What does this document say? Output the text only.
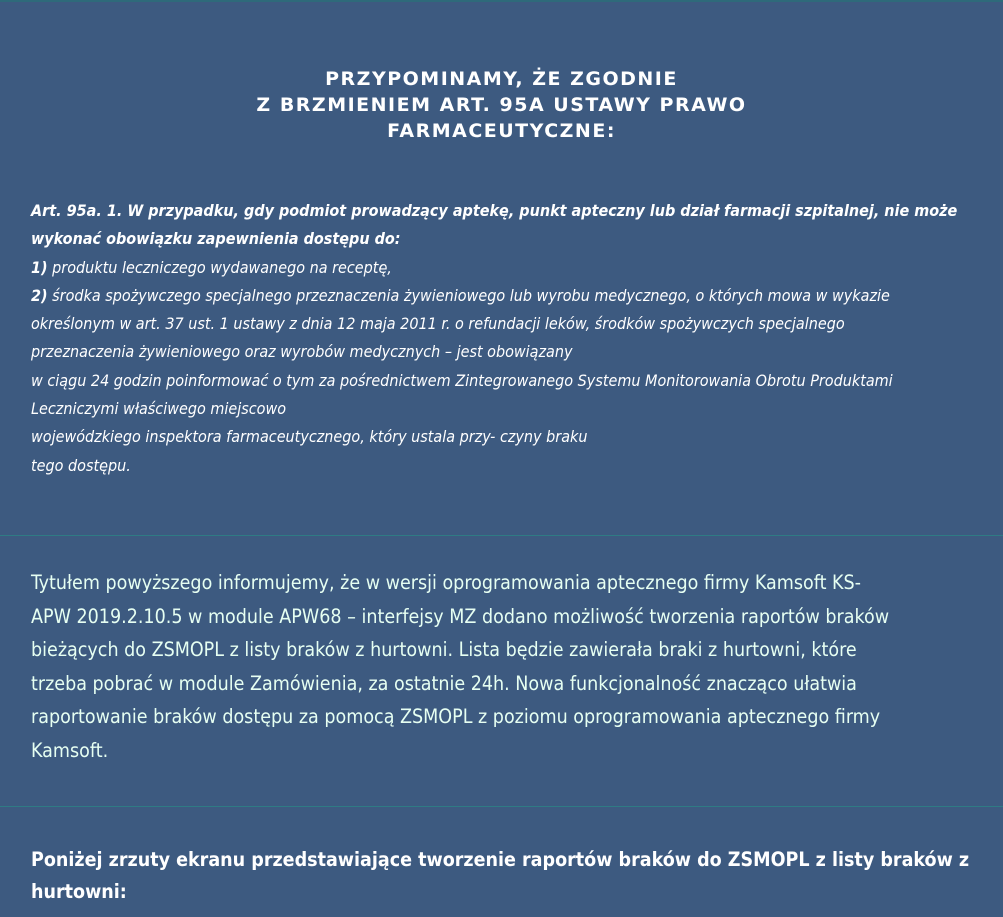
PRZYPOMINAMY, ŻE ZGODNIE
Z BRZMIENIEM ART. 95A USTAWY PRAWO
FARMACEUTYCZNE:
Art. 95a. 1. W przypadku, gdy podmiot prowadzący aptekę, punkt apteczny lub dział farmacji szpitalnej, nie może
wykonać obowiązku zapewnienia dostępu do:
1) produktu leczniczego wydawanego na receptę,
2) środka spożywczego specjalnego przeznaczenia żywieniowego lub wyrobu medycznego, o których mowa w wykazie
określonym w art. 37 ust. 1 ustawy z dnia 12 maja 2011 r. o refundacji leków, środków spożywczych specjalnego
przeznaczenia żywieniowego oraz wyrobów medycznych – jest obowiązany
w ciągu 24 godzin poinformować o tym za pośrednictwem Zintegrowanego Systemu Monitorowania Obrotu Produktami
Leczniczymi właściwego miejscowo
wojewódzkiego inspektora farmaceutycznego, który ustala przy- czyny braku
tego dostępu.
Tytułem powyższego informujemy, że w wersji oprogramowania aptecznego firmy Kamsoft KS-
APW 2019.2.10.5 w module APW68 – interfejsy MZ dodano możliwość tworzenia raportów braków
bieżących do ZSMOPL z listy braków z hurtowni. Lista będzie zawierała braki z hurtowni, które
trzeba pobrać w module Zamówienia, za ostatnie 24h. Nowa funkcjonalność znacząco ułatwia
raportowanie braków dostępu za pomocą ZSMOPL z poziomu oprogramowania aptecznego firmy
Kamsoft.
Poniżej zrzuty ekranu przedstawiające tworzenie raportów braków do ZSMOPL z listy braków z
hurtowni:
